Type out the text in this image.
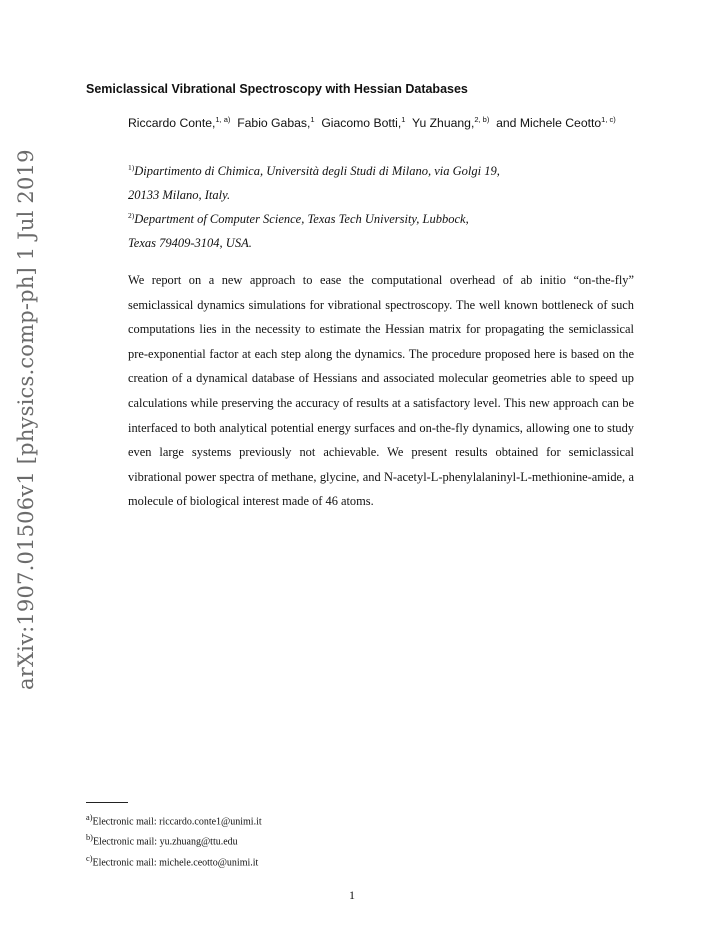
arXiv:1907.01506v1 [physics.comp-ph] 1 Jul 2019
Semiclassical Vibrational Spectroscopy with Hessian Databases
Riccardo Conte,$^{1, a)}$ Fabio Gabas,$^1$ Giacomo Botti,$^1$ Yu Zhuang,$^{2, b)}$ and Michele Ceotto$^{1, c)}$
$^{1)}$Dipartimento di Chimica, Università degli Studi di Milano, via Golgi 19,
20133 Milano, Italy.
$^{2)}$Department of Computer Science, Texas Tech University, Lubbock,
Texas 79409-3104, USA.
We report on a new approach to ease the computational overhead of ab initio “on-the-fly” semiclassical dynamics simulations for vibrational spectroscopy. The well known bottleneck of such computations lies in the necessity to estimate the Hessian matrix for propagating the semiclassical pre-exponential factor at each step along the dynamics. The procedure proposed here is based on the creation of a dynamical database of Hessians and associated molecular geometries able to speed up calculations while preserving the accuracy of results at a satisfactory level. This new approach can be interfaced to both analytical potential energy surfaces and on-the-fly dynamics, allowing one to study even large systems previously not achievable. We present results obtained for semiclassical vibrational power spectra of methane, glycine, and N-acetyl-L-phenylalaninyl-L-methionine-amide, a molecule of biological interest made of 46 atoms.
$^{a)}$Electronic mail: riccardo.conte1@unimi.it
$^{b)}$Electronic mail: yu.zhuang@ttu.edu
$^{c)}$Electronic mail: michele.ceotto@unimi.it
1
